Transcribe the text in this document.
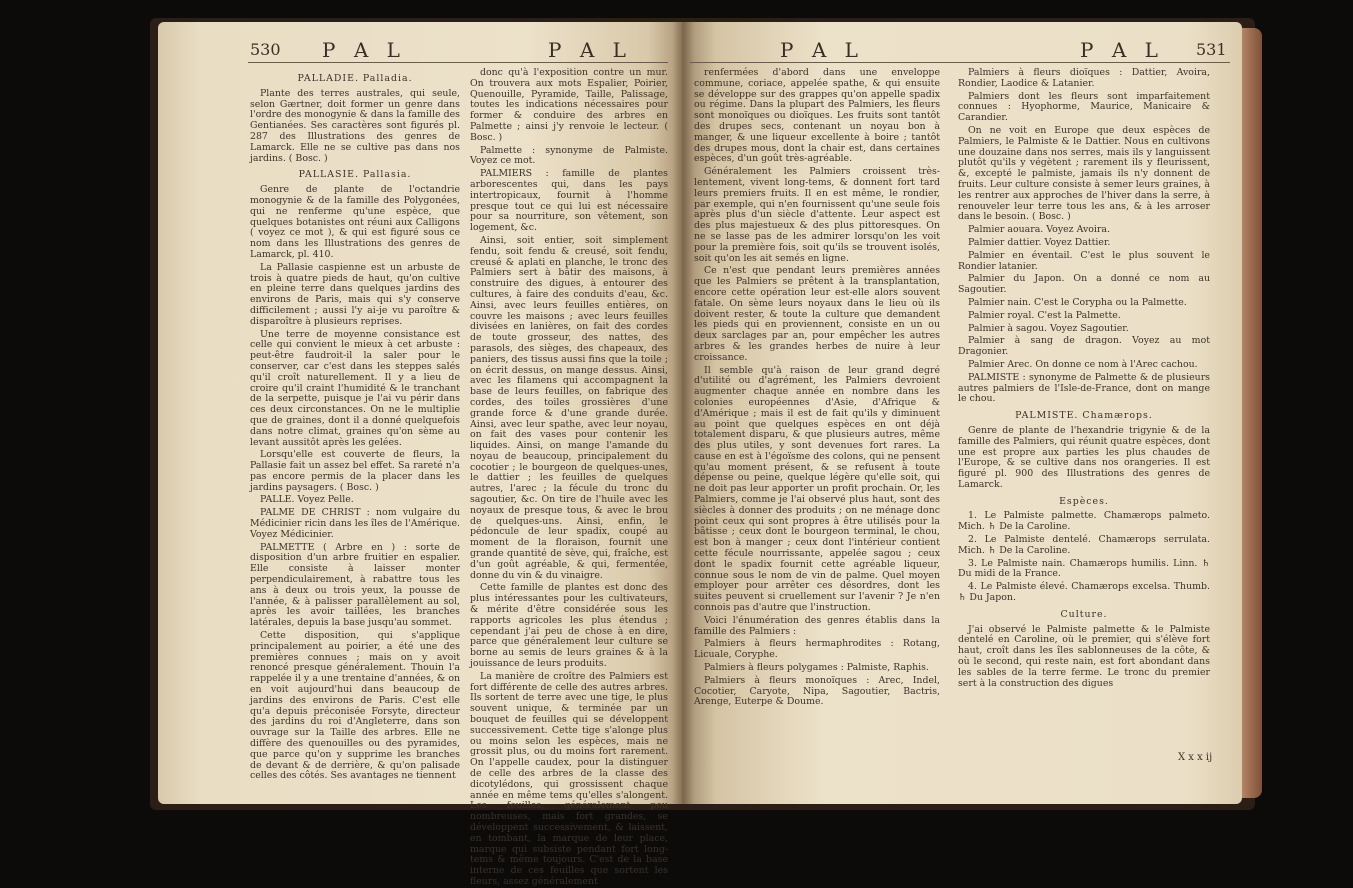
530 P A L	P A L	P A L	P A L 531

PALLADIE. Palladia.

Plante des terres australes, qui seule, selon Gærtner, doit former un genre dans l'ordre des monogynie & dans la famille des Gentianées. Ses caractères sont figurés pl. 287 des Illustrations des genres de Lamarck. Elle ne se cultive pas dans nos jardins. ( Bosc. )

PALLASIE. Pallasia.

Genre de plante de l'octandrie monogynie & de la famille des Polygonées, qui ne renferme qu'une espèce, que quelques botanistes ont réuni aux Calligons ( voyez ce mot ), & qui est figuré sous ce nom dans les Illustrations des genres de Lamarck, pl. 410.

La Pallasie caspienne est un arbuste de trois à quatre pieds de haut, qu'on cultive en pleine terre dans quelques jardins des environs de Paris, mais qui s'y conserve difficilement ; aussi l'y ai-je vu paroître & disparoître à plusieurs reprises.

Une terre de moyenne consistance est celle qui convient le mieux à cet arbuste : peut-être faudroit-il la saler pour le conserver, car c'est dans les steppes salés qu'il croît naturellement. Il y a lieu de croire qu'il craint l'humidité & le tranchant de la serpette, puisque je l'ai vu périr dans ces deux circonstances. On ne le multiplie que de graines, dont il a donné quelquefois dans notre climat, graines qu'on sème au levant aussitôt après les gelées.

Lorsqu'elle est couverte de fleurs, la Pallasie fait un assez bel effet. Sa rareté n'a pas encore permis de la placer dans les jardins paysagers. ( Bosc. )

PALLE. Voyez Pelle.

PALME DE CHRIST : nom vulgaire du Médicinier ricin dans les îles de l'Amérique. Voyez Médicinier.

PALMETTE ( Arbre en ) : sorte de disposition d'un arbre fruitier en espalier. Elle consiste à laisser monter perpendiculairement, à rabattre tous les ans à deux ou trois yeux, la pousse de l'année, & à palisser parallèlement au sol, après les avoir taillées, les branches latérales, depuis la base jusqu'au sommet.

Cette disposition, qui s'applique principalement au poirier, a été une des premières connues ; mais on y avoit renoncé presque généralement. Thouin l'a rappelée il y a une trentaine d'années, & on en voit aujourd'hui dans beaucoup de jardins des environs de Paris. C'est elle qu'a depuis préconisée Forsyte, directeur des jardins du roi d'Angleterre, dans son ouvrage sur la Taille des arbres. Elle ne diffère des quenouilles ou des pyramides, que parce qu'on y supprime les branches de devant & de derrière, & qu'on palisade celles des côtés. Ses avantages ne tiennent

donc qu'à l'exposition contre un mur. On trouvera aux mots Espalier, Poirier, Quenouille, Pyramide, Taille, Palissage, toutes les indications nécessaires pour former & conduire des arbres en Palmette ; ainsi j'y renvoie le lecteur. ( Bosc. )

Palmette : synonyme de Palmiste. Voyez ce mot.

PALMIERS : famille de plantes arborescentes qui, dans les pays intertropicaux, fournit à l'homme presque tout ce qui lui est nécessaire pour sa nourriture, son vêtement, son logement, &c.

Ainsi, soit entier, soit simplement fendu, soit fendu & creusé, soit fendu, creusé & aplati en planche, le tronc des Palmiers sert à bâtir des maisons, à construire des digues, à entourer des cultures, à faire des conduits d'eau, &c. Ainsi, avec leurs feuilles entières, on couvre les maisons ; avec leurs feuilles divisées en lanières, on fait des cordes de toute grosseur, des nattes, des parasols, des sièges, des chapeaux, des paniers, des tissus aussi fins que la toile ; on écrit dessus, on mange dessus. Ainsi, avec les filamens qui accompagnent la base de leurs feuilles, on fabrique des cordes, des toiles grossières d'une grande force & d'une grande durée. Ainsi, avec leur spathe, avec leur noyau, on fait des vases pour contenir les liquides. Ainsi, on mange l'amande du noyau de beaucoup, principalement du cocotier ; le bourgeon de quelques-unes, le dattier ; les feuilles de quelques autres, l'arec ; la fécule du tronc du sagoutier, &c. On tire de l'huile avec les noyaux de presque tous, & avec le brou de quelques-uns. Ainsi, enfin, le pédoncule de leur spadix, coupé au moment de la floraison, fournit une grande quantité de sève, qui, fraîche, est d'un goût agréable, & qui, fermentée, donne du vin & du vinaigre.

Cette famille de plantes est donc des plus intéressantes pour les cultivateurs, & mérite d'être considérée sous les rapports agricoles les plus étendus ; cependant j'ai peu de chose à en dire, parce que généralement leur culture se borne au semis de leurs graines & à la jouissance de leurs produits.

La manière de croître des Palmiers est fort différente de celle des autres arbres. Ils sortent de terre avec une tige, le plus souvent unique, & terminée par un bouquet de feuilles qui se développent successivement. Cette tige s'alonge plus ou moins selon les espèces, mais ne grossit plus, ou du moins fort rarement. On l'appelle caudex, pour la distinguer de celle des arbres de la classe des dicotylédons, qui grossissent chaque année en même tems qu'elles s'alongent. Les feuilles, généralement peu nombreuses, mais fort grandes, se développent successivement, & laissent, en tombant, la marque de leur place, marque qui subsiste pendant fort long-tems & même toujours. C'est de la base interne de ces feuilles que sortent les fleurs, assez généralement

renfermées d'abord dans une enveloppe commune, coriace, appelée spathe, & qui ensuite se développe sur des grappes qu'on appelle spadix ou régime. Dans la plupart des Palmiers, les fleurs sont monoïques ou dioïques. Les fruits sont tantôt des drupes secs, contenant un noyau bon à manger, & une liqueur excellente à boire ; tantôt des drupes mous, dont la chair est, dans certaines espèces, d'un goût très-agréable.

Généralement les Palmiers croissent très-lentement, vivent long-tems, & donnent fort tard leurs premiers fruits. Il en est même, le rondier, par exemple, qui n'en fournissent qu'une seule fois après plus d'un siècle d'attente. Leur aspect est des plus majestueux & des plus pittoresques. On ne se lasse pas de les admirer lorsqu'on les voit pour la première fois, soit qu'ils se trouvent isolés, soit qu'on les ait semés en ligne.

Ce n'est que pendant leurs premières années que les Palmiers se prêtent à la transplantation, encore cette opération leur est-elle alors souvent fatale. On sème leurs noyaux dans le lieu où ils doivent rester, & toute la culture que demandent les pieds qui en proviennent, consiste en un ou deux sarclages par an, pour empêcher les autres arbres & les grandes herbes de nuire à leur croissance.

Il semble qu'à raison de leur grand degré d'utilité ou d'agrément, les Palmiers devroient augmenter chaque année en nombre dans les colonies européennes d'Asie, d'Afrique & d'Amérique ; mais il est de fait qu'ils y diminuent au point que quelques espèces en ont déjà totalement disparu, & que plusieurs autres, même des plus utiles, y sont devenues fort rares. La cause en est à l'égoïsme des colons, qui ne pensent qu'au moment présent, & se refusent à toute dépense ou peine, quelque légère qu'elle soit, qui ne doit pas leur apporter un profit prochain. Or, les Palmiers, comme je l'ai observé plus haut, sont des siècles à donner des produits ; on ne ménage donc point ceux qui sont propres à être utilisés pour la bâtisse ; ceux dont le bourgeon terminal, le chou, est bon à manger ; ceux dont l'intérieur contient cette fécule nourrissante, appelée sagou ; ceux dont le spadix fournit cette agréable liqueur, connue sous le nom de vin de palme. Quel moyen employer pour arrêter ces désordres, dont les suites peuvent si cruellement sur l'avenir ? Je n'en connois pas d'autre que l'instruction.

Voici l'énumération des genres établis dans la famille des Palmiers :

Palmiers à fleurs hermaphrodites : Rotang, Licuale, Coryphe.

Palmiers à fleurs polygames : Palmiste, Raphis.

Palmiers à fleurs monoïques : Arec, Indel, Cocotier, Caryote, Nipa, Sagoutier, Bactris, Arenge, Euterpe & Doume.

Palmiers à fleurs dioïques : Dattier, Avoira, Rondier, Laodice & Latanier.

Palmiers dont les fleurs sont imparfaitement connues : Hyophorme, Maurice, Manicaire & Carandier.

On ne voit en Europe que deux espèces de Palmiers, le Palmiste & le Dattier. Nous en cultivons une douzaine dans nos serres, mais ils y languissent plutôt qu'ils y végètent ; rarement ils y fleurissent, &, excepté le palmiste, jamais ils n'y donnent de fruits. Leur culture consiste à semer leurs graines, à les rentrer aux approches de l'hiver dans la serre, à renouveler leur terre tous les ans, & à les arroser dans le besoin. ( Bosc. )

Palmier aouara. Voyez Avoira.

Palmier dattier. Voyez Dattier.

Palmier en éventail. C'est le plus souvent le Rondier latanier.

Palmier du Japon. On a donné ce nom au Sagoutier.

Palmier nain. C'est le Corypha ou la Palmette.

Palmier royal. C'est la Palmette.

Palmier à sagou. Voyez Sagoutier.

Palmier à sang de dragon. Voyez au mot Dragonier.

Palmier Arec. On donne ce nom à l'Arec cachou.

PALMISTE : synonyme de Palmette & de plusieurs autres palmiers de l'Isle-de-France, dont on mange le chou.

PALMISTE. Chamærops.

Genre de plante de l'hexandrie trigynie & de la famille des Palmiers, qui réunit quatre espèces, dont une est propre aux parties les plus chaudes de l'Europe, & se cultive dans nos orangeries. Il est figuré pl. 900 des Illustrations des genres de Lamarck.

Espèces.

1. Le Palmiste palmette. Chamærops palmeto. Mich. ♄ De la Caroline.

2. Le Palmiste dentelé. Chamærops serrulata. Mich. ♄ De la Caroline.

3. Le Palmiste nain. Chamærops humilis. Linn. ♄ Du midi de la France.

4. Le Palmiste élevé. Chamærops excelsa. Thumb. ♄ Du Japon.

Culture.

J'ai observé le Palmiste palmette & le Palmiste dentelé en Caroline, où le premier, qui s'élève fort haut, croît dans les îles sablonneuses de la côte, & où le second, qui reste nain, est fort abondant dans les sables de la terre ferme. Le tronc du premier sert à la construction des digues

X x x ij
